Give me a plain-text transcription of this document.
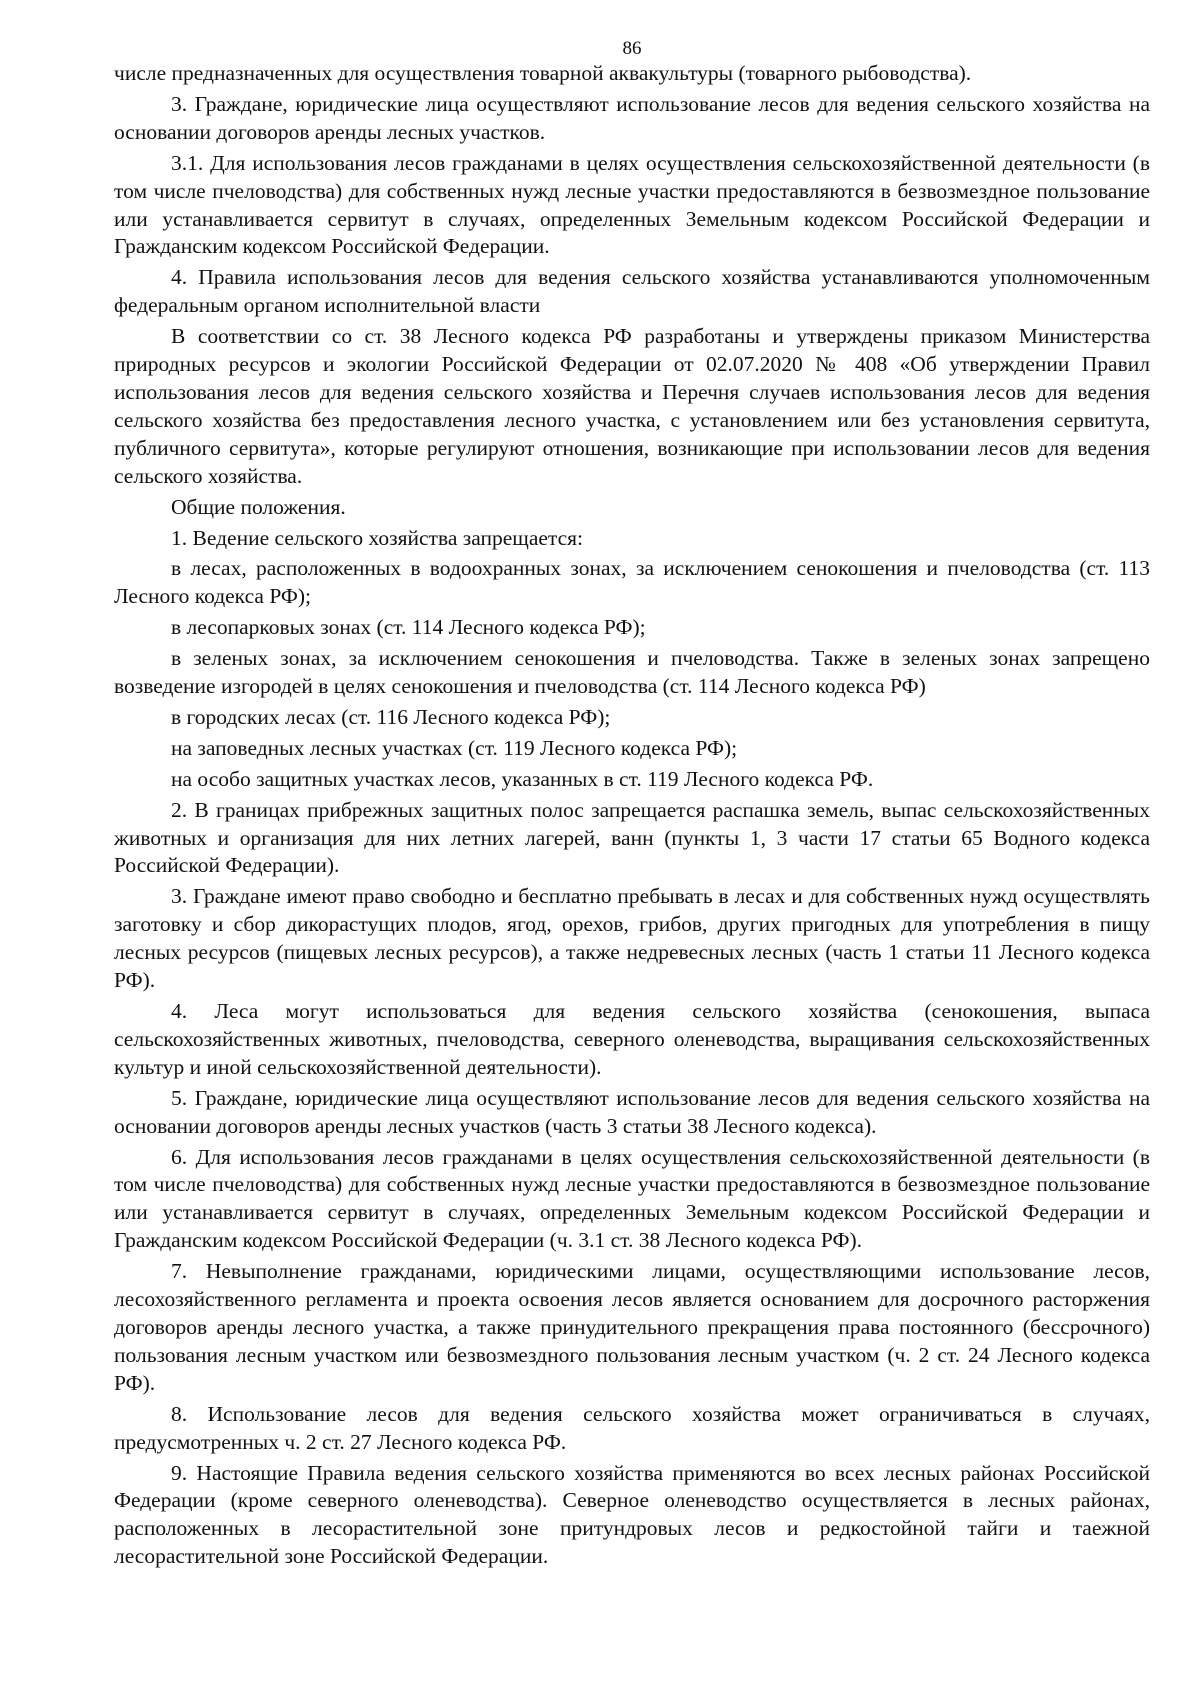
86

числе предназначенных для осуществления товарной аквакультуры (товарного рыбоводства).

3. Граждане, юридические лица осуществляют использование лесов для ведения сельского хозяйства на основании договоров аренды лесных участков.

3.1. Для использования лесов гражданами в целях осуществления сельскохозяйственной деятельности (в том числе пчеловодства) для собственных нужд лесные участки предоставляются в безвозмездное пользование или устанавливается сервитут в случаях, определенных Земельным кодексом Российской Федерации и Гражданским кодексом Российской Федерации.

4. Правила использования лесов для ведения сельского хозяйства устанавливаются уполномоченным федеральным органом исполнительной власти

В соответствии со ст. 38 Лесного кодекса РФ разработаны и утверждены приказом Министерства природных ресурсов и экологии Российской Федерации от 02.07.2020 № 408 «Об утверждении Правил использования лесов для ведения сельского хозяйства и Перечня случаев использования лесов для ведения сельского хозяйства без предоставления лесного участка, с установлением или без установления сервитута, публичного сервитута», которые регулируют отношения, возникающие при использовании лесов для ведения сельского хозяйства.

Общие положения.

1. Ведение сельского хозяйства запрещается:

в лесах, расположенных в водоохранных зонах, за исключением сенокошения и пчеловодства (ст. 113 Лесного кодекса РФ);

в лесопарковых зонах (ст. 114 Лесного кодекса РФ);

в зеленых зонах, за исключением сенокошения и пчеловодства. Также в зеленых зонах запрещено возведение изгородей в целях сенокошения и пчеловодства (ст. 114 Лесного кодекса РФ)

в городских лесах (ст. 116 Лесного кодекса РФ);

на заповедных лесных участках (ст. 119 Лесного кодекса РФ);

на особо защитных участках лесов, указанных в ст. 119 Лесного кодекса РФ.

2. В границах прибрежных защитных полос запрещается распашка земель, выпас сельскохозяйственных животных и организация для них летних лагерей, ванн (пункты 1, 3 части 17 статьи 65 Водного кодекса Российской Федерации).

3. Граждане имеют право свободно и бесплатно пребывать в лесах и для собственных нужд осуществлять заготовку и сбор дикорастущих плодов, ягод, орехов, грибов, других пригодных для употребления в пищу лесных ресурсов (пищевых лесных ресурсов), а также недревесных лесных (часть 1 статьи 11 Лесного кодекса РФ).

4. Леса могут использоваться для ведения сельского хозяйства (сенокошения, выпаса сельскохозяйственных животных, пчеловодства, северного оленеводства, выращивания сельскохозяйственных культур и иной сельскохозяйственной деятельности).

5. Граждане, юридические лица осуществляют использование лесов для ведения сельского хозяйства на основании договоров аренды лесных участков (часть 3 статьи 38 Лесного кодекса).

6. Для использования лесов гражданами в целях осуществления сельскохозяйственной деятельности (в том числе пчеловодства) для собственных нужд лесные участки предоставляются в безвозмездное пользование или устанавливается сервитут в случаях, определенных Земельным кодексом Российской Федерации и Гражданским кодексом Российской Федерации (ч. 3.1 ст. 38 Лесного кодекса РФ).

7. Невыполнение гражданами, юридическими лицами, осуществляющими использование лесов, лесохозяйственного регламента и проекта освоения лесов является основанием для досрочного расторжения договоров аренды лесного участка, а также принудительного прекращения права постоянного (бессрочного) пользования лесным участком или безвозмездного пользования лесным участком (ч. 2 ст. 24 Лесного кодекса РФ).

8. Использование лесов для ведения сельского хозяйства может ограничиваться в случаях, предусмотренных ч. 2 ст. 27 Лесного кодекса РФ.

9. Настоящие Правила ведения сельского хозяйства применяются во всех лесных районах Российской Федерации (кроме северного оленеводства). Северное оленеводство осуществляется в лесных районах, расположенных в лесорастительной зоне притундровых лесов и редкостойной тайги и таежной лесорастительной зоне Российской Федерации.
